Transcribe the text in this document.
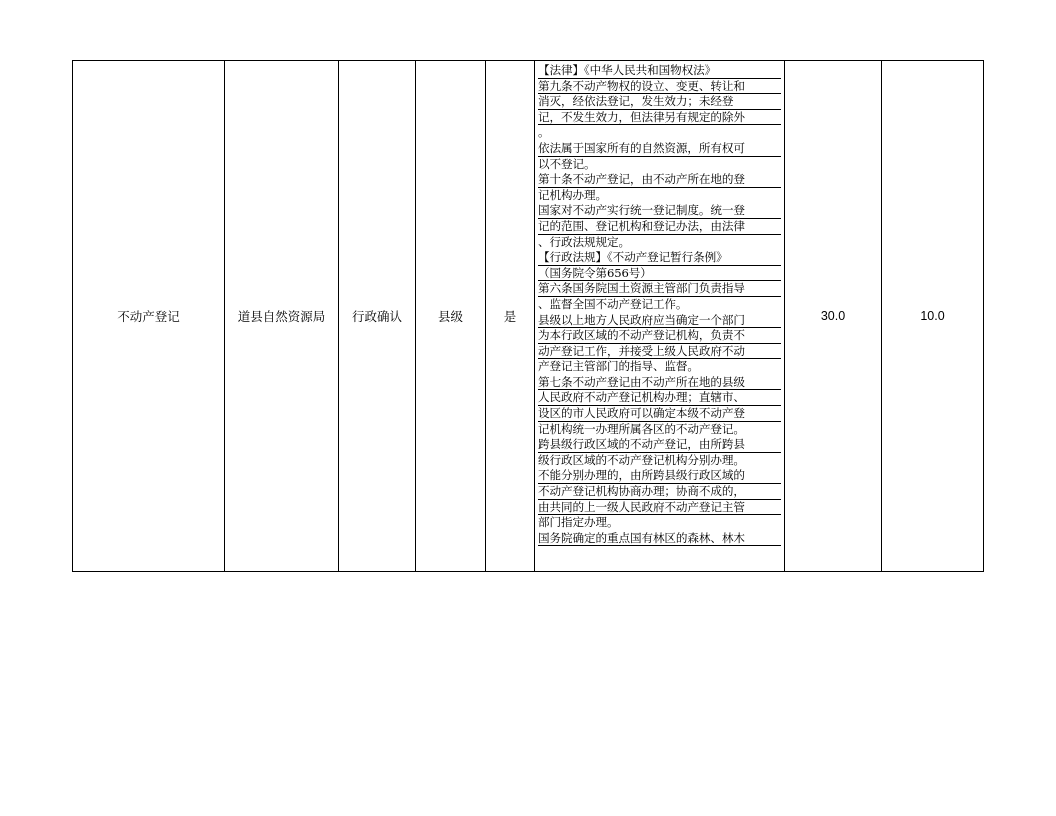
不动产登记	道县自然资源局	行政确认	县级	是	
【法律】《中华人民共和国物权法》
第九条不动产物权的设立、变更、转让和
消灭，经依法登记，发生效力；未经登
记，不发生效力，但法律另有规定的除外
。
依法属于国家所有的自然资源，所有权可
以不登记。
第十条不动产登记，由不动产所在地的登
记机构办理。
国家对不动产实行统一登记制度。统一登
记的范围、登记机构和登记办法，由法律
、行政法规规定。
【行政法规】《不动产登记暂行条例》
（国务院令第656号）
第六条国务院国土资源主管部门负责指导
、监督全国不动产登记工作。
县级以上地方人民政府应当确定一个部门
为本行政区域的不动产登记机构，负责不
动产登记工作，并接受上级人民政府不动
产登记主管部门的指导、监督。
第七条不动产登记由不动产所在地的县级
人民政府不动产登记机构办理；直辖市、
设区的市人民政府可以确定本级不动产登
记机构统一办理所属各区的不动产登记。
跨县级行政区域的不动产登记，由所跨县
级行政区域的不动产登记机构分别办理。
不能分别办理的，由所跨县级行政区域的
不动产登记机构协商办理；协商不成的，
由共同的上一级人民政府不动产登记主管
部门指定办理。
国务院确定的重点国有林区的森林、林木
	30.0	10.0
